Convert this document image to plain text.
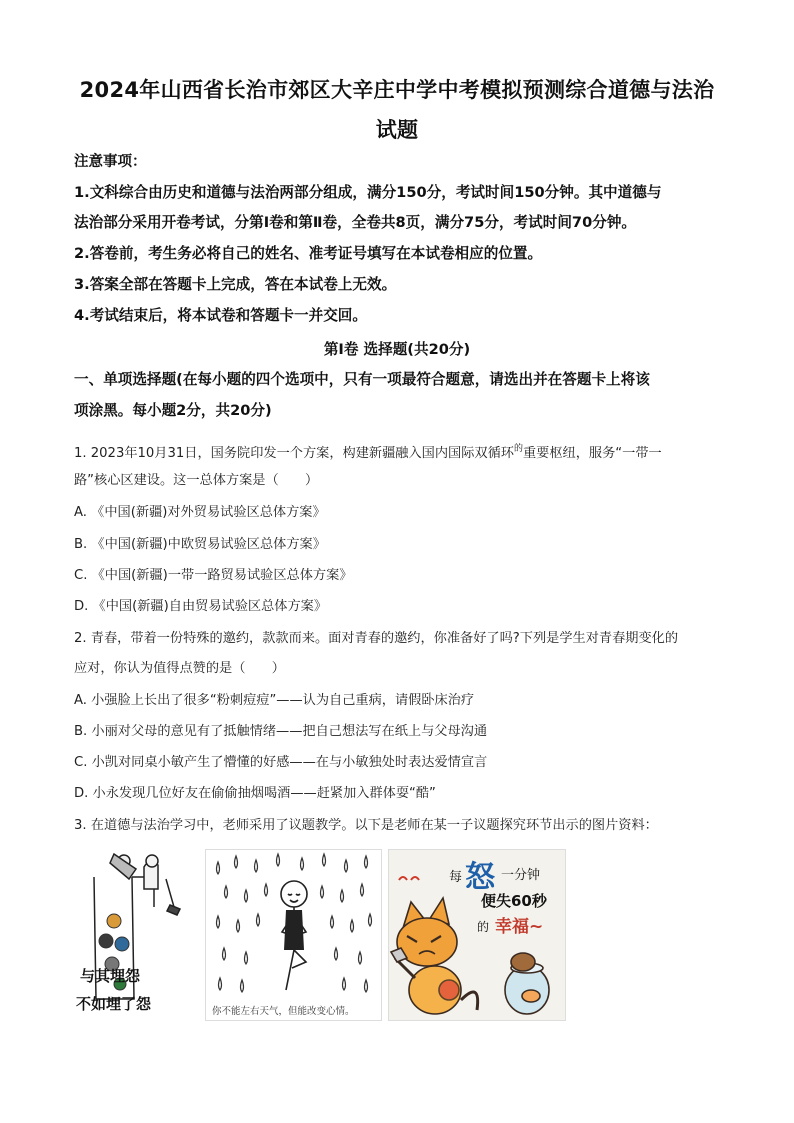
2024年山西省长治市郊区大辛庄中学中考模拟预测综合道德与法治试题
注意事项：
1.文科综合由历史和道德与法治两部分组成，满分150分，考试时间150分钟。其中道德与
法治部分采用开卷考试，分第Ⅰ卷和第Ⅱ卷，全卷共8页，满分75分，考试时间70分钟。
2.答卷前，考生务必将自己的姓名、准考证号填写在本试卷相应的位置。
3.答案全部在答题卡上完成，答在本试卷上无效。
4.考试结束后，将本试卷和答题卡一并交回。
第Ⅰ卷 选择题(共20分)
一、单项选择题(在每小题的四个选项中，只有一项最符合题意，请选出并在答题卡上将该
项涂黑。每小题2分，共20分)
1. 2023年10月31日，国务院印发一个方案，构建新疆融入国内国际双循环$^的$重要枢纽，服务“一带一
路”核心区建设。这一总体方案是（　　）
A. 《中国(新疆)对外贸易试验区总体方案》
B. 《中国(新疆)中欧贸易试验区总体方案》
C. 《中国(新疆)一带一路贸易试验区总体方案》
D. 《中国(新疆)自由贸易试验区总体方案》
2. 青春，带着一份特殊的邀约，款款而来。面对青春的邀约，你准备好了吗?下列是学生对青春期变化的
应对，你认为值得点赞的是（　　）
A. 小强脸上长出了很多“粉刺痘痘”——认为自己重病，请假卧床治疗
B. 小丽对父母的意见有了抵触情绪——把自己想法写在纸上与父母沟通
C. 小凯对同桌小敏产生了懵懂的好感——在与小敏独处时表达爱情宣言
D. 小永发现几位好友在偷偷抽烟喝酒——赶紧加入群体耍“酷”
3. 在道德与法治学习中，老师采用了议题教学。以下是老师在某一子议题探究环节出示的图片资料：
与其埋怨
不如埋了怨	你不能左右天气，但能改变心情。
每 怒 一分钟
便失60秒
的 幸福~
